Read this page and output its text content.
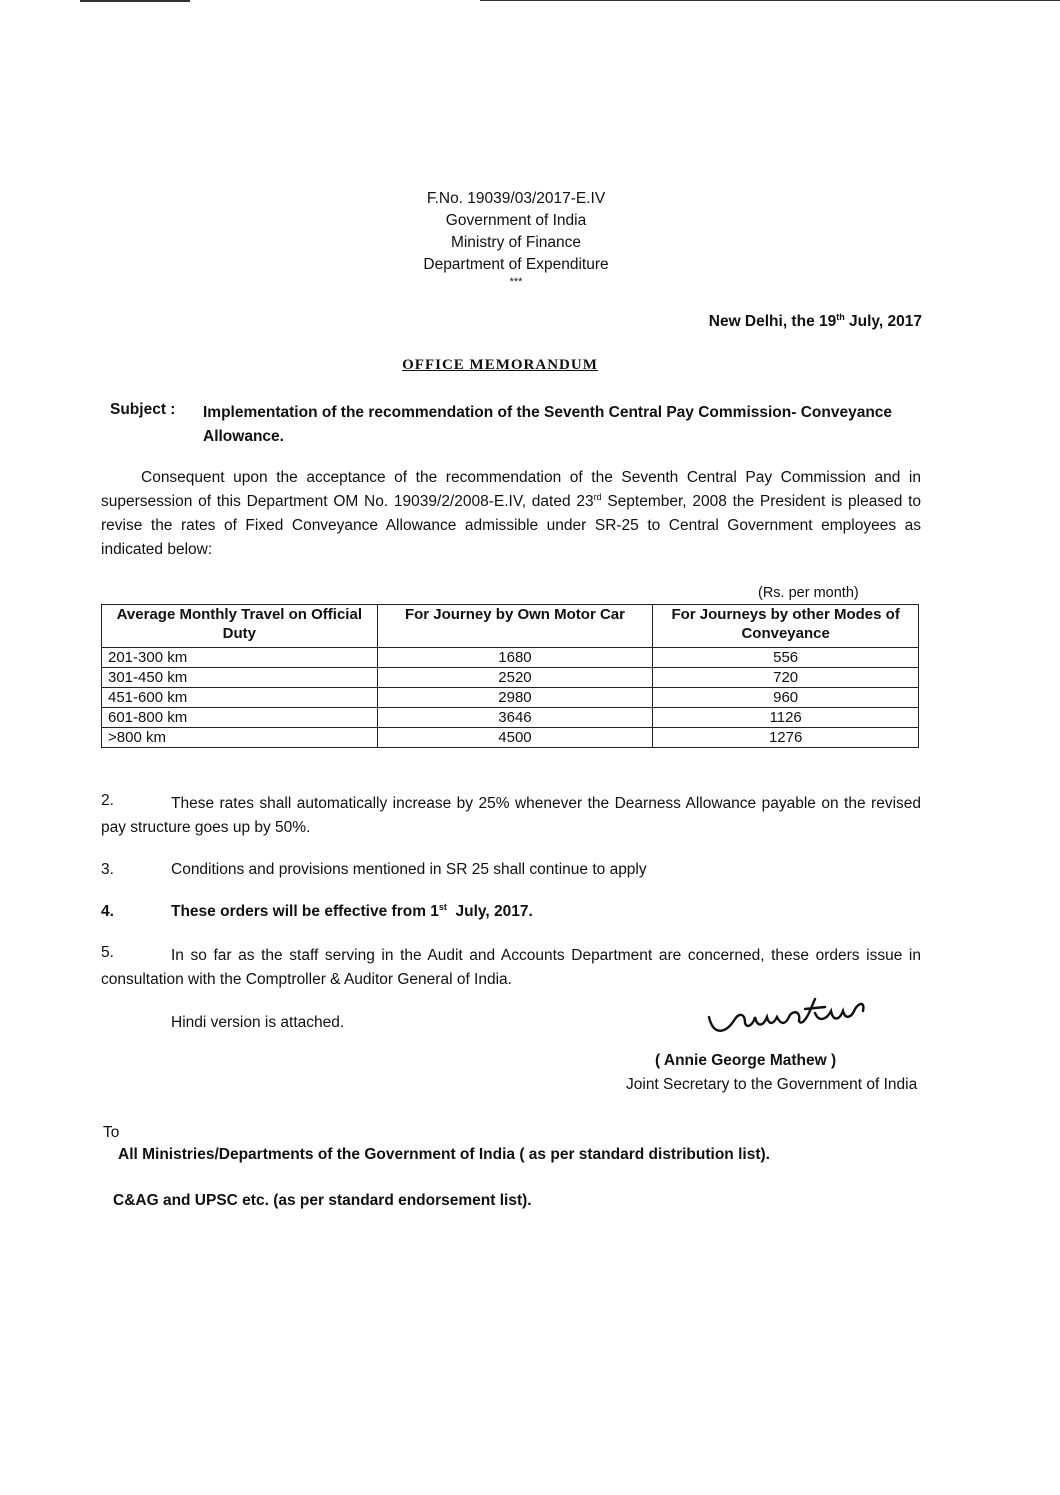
F.No. 19039/03/2017-E.IV
Government of India
Ministry of Finance
Department of Expenditure
***
New Delhi, the 19th July, 2017
OFFICE MEMORANDUM
Subject : Implementation of the recommendation of the Seventh Central Pay Commission- Conveyance Allowance.
Consequent upon the acceptance of the recommendation of the Seventh Central Pay Commission and in supersession of this Department OM No. 19039/2/2008-E.IV, dated 23rd September, 2008 the President is pleased to revise the rates of Fixed Conveyance Allowance admissible under SR-25 to Central Government employees as indicated below:
(Rs. per month)
Average Monthly Travel on Official Duty	For Journey by Own Motor Car	For Journeys by other Modes of Conveyance
201-300 km	1680	556
301-450 km	2520	720
451-600 km	2980	960
601-800 km	3646	1126
>800 km	4500	1276
2.	These rates shall automatically increase by 25% whenever the Dearness Allowance payable on the revised pay structure goes up by 50%.
3.	Conditions and provisions mentioned in SR 25 shall continue to apply
4.	These orders will be effective from 1st  July, 2017.
5.	In so far as the staff serving in the Audit and Accounts Department are concerned, these orders issue in consultation with the Comptroller & Auditor General of India.
Hindi version is attached.
( Annie George Mathew )
Joint Secretary to the Government of India
To
All Ministries/Departments of the Government of India ( as per standard distribution list).
C&AG and UPSC etc. (as per standard endorsement list).
